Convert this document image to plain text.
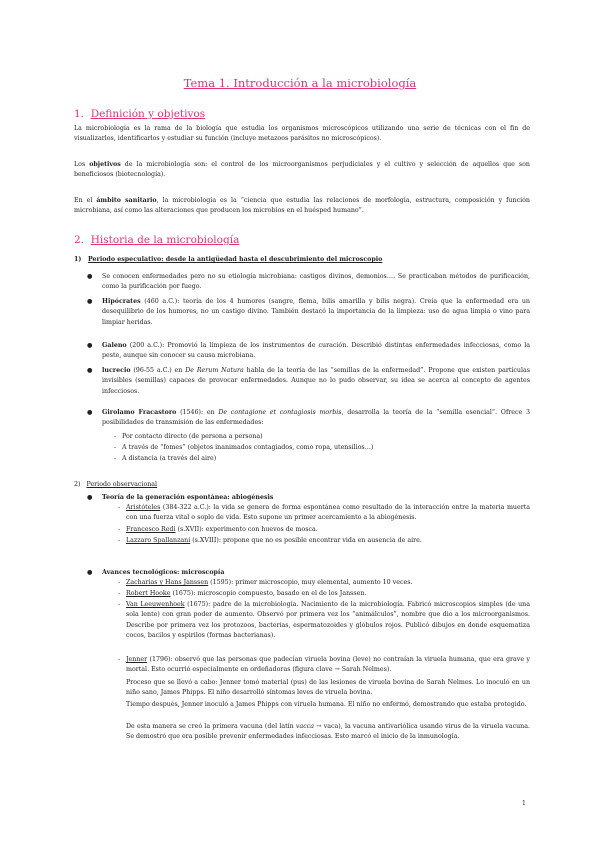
Tema 1. Introducción a la microbiología
1. Definición y objetivos
La microbiología es la rama de la biología que estudia los organismos microscópicos utilizando una serie de técnicas con el fin de visualizarlos, identificarlos y estudiar su función (incluye metazoos parásitos no microscópicos).
Los objetivos de la microbiología son: el control de los microorganismos perjudiciales y el cultivo y selección de aquellos que son beneficiosos (biotecnología).
En el ámbito sanitario, la microbiología es la “ciencia que estudia las relaciones de morfología, estructura, composición y función microbiana, así como las alteraciones que producen los microbios en el huésped humano”.
2. Historia de la microbiología
1) Periodo especulativo: desde la antigüedad hasta el descubrimiento del microscopio
● Se conocen enfermedades pero no su etiología microbiana: castigos divinos, demonios…. Se practicaban métodos de purificación, como la purificación por fuego.
● Hipócrates (460 a.C.): teoría de los 4 humores (sangre, flema, bilis amarilla y bilis negra). Creía que la enfermedad era un desequilibrio de los humores, no un castigo divino. También destacó la importancia de la limpieza: uso de agua limpia o vino para limpiar heridas.
● Galeno (200 a.C.): Promovió la limpieza de los instrumentos de curación. Describió distintas enfermedades infecciosas, como la peste, aunque sin conocer su causa microbiana.
● lucrecio (96-55 a.C.) en De Rerum Natura habla de la teoría de las “semillas de la enfermedad”. Propone que existen partículas invisibles (semillas) capaces de provocar enfermedades. Aunque no lo pudo observar, su idea se acerca al concepto de agentes infecciosos.
● Girolamo Fracastoro (1546): en De contagione et contagiosis morbis, desarrolla la teoría de la “semilla esencial”. Ofrece 3 posibilidades de transmisión de las enfermedades:
- Por contacto directo (de persona a persona)
- A través de “fomes” (objetos inanimados contagiados, como ropa, utensilios…)
- A distancia (a través del aire)
2) Periodo observacional
● Teoría de la generación espontánea: abiogénesis
- Aristóteles (384-322 a.C.): la vida se genera de forma espontánea como resultado de la interacción entre la materia muerta con una fuerza vital o soplo de vida. Esto supone un primer acercamiento a la abiogénesis.
- Francesco Redi (s.XVII): experimento con huevos de mosca.
- Lazzaro Spallanzani (s.XVIII): propone que no es posible encontrar vida en ausencia de aire.
● Avances tecnológicos: microscopía
- Zacharias y Hans Janssen (1595): primer microscopio, muy elemental, aumento 10 veces.
- Robert Hooke (1675): microscopio compuesto, basado en el de los Janssen.
- Van Leeuwenhoek (1675): padre de la microbiología. Nacimiento de la microbiología. Fabricó microscopios simples (de una sola lente) con gran poder de aumento. Observó por primera vez los “animálculos”, nombre que dio a los microorganismos. Describe por primera vez los protozoos, bacterias, espermatozoides y glóbulos rojos. Publicó dibujos en donde esquematiza cocos, bacilos y espirilos (formas bacterianas).
- Jenner (1796): observó que las personas que padecían viruela bovina (leve) no contraían la viruela humana, que era grave y mortal. Esto ocurrió especialmente en ordeñadoras (figura clave → Sarah Nelmes).
Proceso que se llevó a cabo: Jenner tomó material (pus) de las lesiones de viruela bovina de Sarah Nelmes. Lo inoculó en un niño sano, James Phipps. El niño desarrolló síntomas leves de viruela bovina.
Tiempo después, Jenner inoculó a James Phipps con viruela humana. El niño no enfermó, demostrando que estaba protegido.
De esta manera se creó la primera vacuna (del latín vacca → vaca), la vacuna antivariólica usando virus de la viruela vacuna. Se demostró que era posible prevenir enfermedades infecciosas. Esto marcó el inicio de la inmunología.
1
